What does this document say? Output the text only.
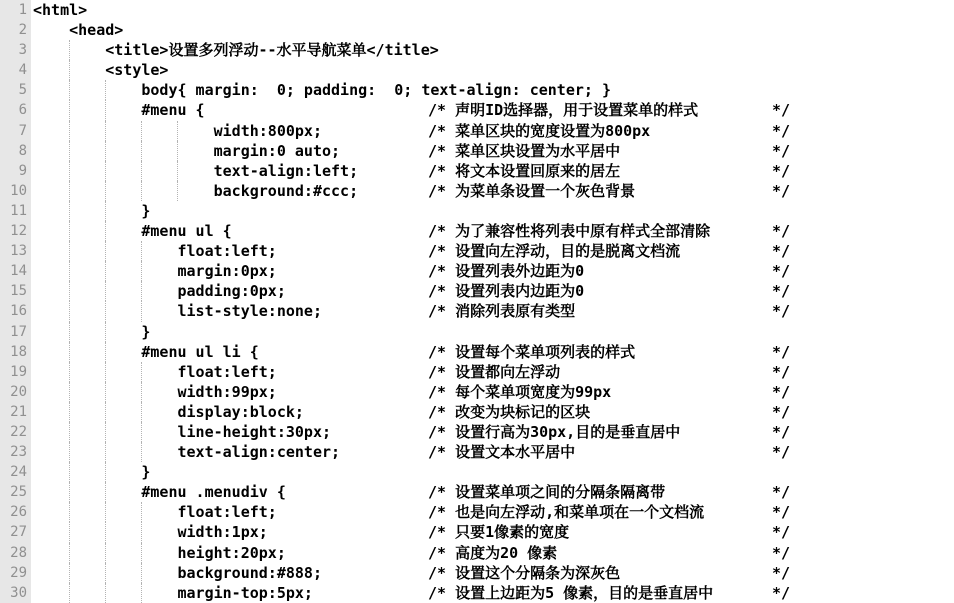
1 <html>
2 <head>
3 <title>设置多列浮动--水平导航菜单</title>
4 <style>
5 body{ margin:  0; padding:  0; text-align: center; }
6 #menu {	/* 声明ID选择器，用于设置菜单的样式	*/
7 width:800px;	/* 菜单区块的宽度设置为800px	*/
8 margin:0 auto;	/* 菜单区块设置为水平居中	*/
9 text-align:left;	/* 将文本设置回原来的居左	*/
10 background:#ccc;	/* 为菜单条设置一个灰色背景	*/
11 }
12 #menu ul {	/* 为了兼容性将列表中原有样式全部清除	*/
13 float:left;	/* 设置向左浮动，目的是脱离文档流	*/
14 margin:0px;	/* 设置列表外边距为0	*/
15 padding:0px;	/* 设置列表内边距为0	*/
16 list-style:none;	/* 消除列表原有类型	*/
17 }
18 #menu ul li {	/* 设置每个菜单项列表的样式	*/
19 float:left;	/* 设置都向左浮动	*/
20 width:99px;	/* 每个菜单项宽度为99px	*/
21 display:block;	/* 改变为块标记的区块	*/
22 line-height:30px;	/* 设置行高为30px,目的是垂直居中	*/
23 text-align:center;	/* 设置文本水平居中	*/
24 }
25 #menu .menudiv {	/* 设置菜单项之间的分隔条隔离带	*/
26 float:left;	/* 也是向左浮动,和菜单项在一个文档流	*/
27 width:1px;	/* 只要1像素的宽度	*/
28 height:20px;	/* 高度为20 像素	*/
29 background:#888;	/* 设置这个分隔条为深灰色	*/
30 margin-top:5px;	/* 设置上边距为5 像素，目的是垂直居中	*/
